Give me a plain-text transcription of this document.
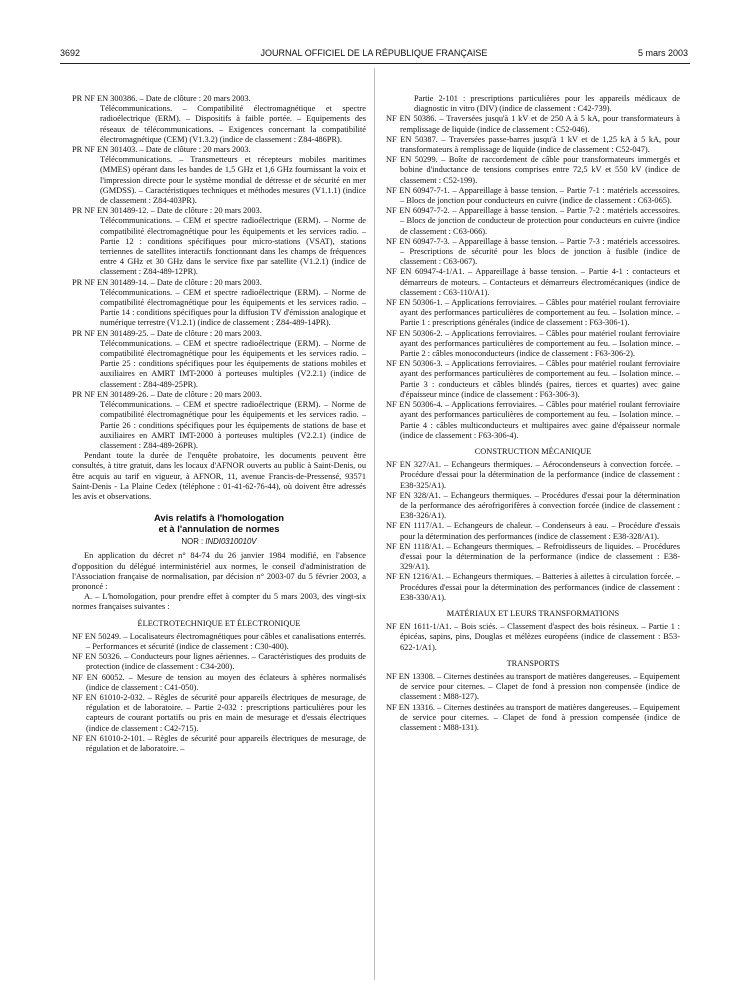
3692	JOURNAL OFFICIEL DE LA RÉPUBLIQUE FRANÇAISE	5 mars 2003
PR NF EN 300386. – Date de clôture : 20 mars 2003.
Télécommunications. – Compatibilité électromagnétique et spectre radioélectrique (ERM). – Dispositifs à faible portée. – Equipements des réseaux de télécommunications. – Exigences concernant la compatibilité électromagnétique (CEM) (V1.3.2) (indice de classement : Z84-486PR).
PR NF EN 301403. – Date de clôture : 20 mars 2003.
Télécommunications. – Transmetteurs et récepteurs mobiles maritimes (MMES) opérant dans les bandes de 1,5 GHz et 1,6 GHz fournissant la voix et l'impression directe pour le système mondial de détresse et de sécurité en mer (GMDSS). – Caractéristiques techniques et méthodes mesures (V1.1.1) (indice de classement : Z84-403PR).
PR NF EN 301489-12. – Date de clôture : 20 mars 2003.
Télécommunications. – CEM et spectre radioélectrique (ERM). – Norme de compatibilité électromagnétique pour les équipements et les services radio. – Partie 12 : conditions spécifiques pour micro-stations (VSAT), stations terriennes de satellites interactifs fonctionnant dans les champs de fréquences entre 4 GHz et 30 GHz dans le service fixe par satellite (V1.2.1) (indice de classement : Z84-489-12PR).
PR NF EN 301489-14. – Date de clôture : 20 mars 2003.
Télécommunications. – CEM et spectre radioélectrique (ERM). – Norme de compatibilité électromagnétique pour les équipements et les services radio. – Partie 14 : conditions spécifiques pour la diffusion TV d'émission analogique et numérique terrestre (V1.2.1) (indice de classement : Z84-489-14PR).
PR NF EN 301489-25. – Date de clôture : 20 mars 2003.
Télécommunications. – CEM et spectre radioélectrique (ERM). – Norme de compatibilité électromagnétique pour les équipements et les services radio. – Partie 25 : conditions spécifiques pour les équipements de stations mobiles et auxiliaires en AMRT IMT-2000 à porteuses multiples (V2.2.1) (indice de classement : Z84-489-25PR).
PR NF EN 301489-26. – Date de clôture : 20 mars 2003.
Télécommunications. – CEM et spectre radioélectrique (ERM). – Norme de compatibilité électromagnétique pour les équipements et les services radio. – Partie 26 : conditions spécifiques pour les équipements de stations de base et auxiliaires en AMRT IMT-2000 à porteuses multiples (V2.2.1) (indice de classement : Z84-489-26PR).
Pendant toute la durée de l'enquête probatoire, les documents peuvent être consultés, à titre gratuit, dans les locaux d'AFNOR ouverts au public à Saint-Denis, ou être acquis au tarif en vigueur, à AFNOR, 11, avenue Francis-de-Pressensé, 93571 Saint-Denis - La Plaine Cedex (téléphone : 01-41-62-76-44), où doivent être adressés les avis et observations.
Avis relatifs à l'homologation
et à l'annulation de normes
NOR : INDI0310010V
En application du décret n° 84-74 du 26 janvier 1984 modifié, en l'absence d'opposition du délégué interministériel aux normes, le conseil d'administration de l'Association française de normalisation, par décision n° 2003-07 du 5 février 2003, a prononcé :
A. – L'homologation, pour prendre effet à compter du 5 mars 2003, des vingt-six normes françaises suivantes :
ÉLECTROTECHNIQUE ET ÉLECTRONIQUE
NF EN 50249. – Localisateurs électromagnétiques pour câbles et canalisations enterrés. – Performances et sécurité (indice de classement : C30-400).
NF EN 50326. – Conducteurs pour lignes aériennes. – Caractéristiques des produits de protection (indice de classement : C34-200).
NF EN 60052. – Mesure de tension au moyen des éclateurs à sphères normalisés (indice de classement : C41-050).
NF EN 61010-2-032. – Règles de sécurité pour appareils électriques de mesurage, de régulation et de laboratoire. – Partie 2-032 : prescriptions particulières pour les capteurs de courant portatifs ou pris en main de mesurage et d'essais électriques (indice de classement : C42-715).
NF EN 61010-2-101. – Règles de sécurité pour appareils électriques de mesurage, de régulation et de laboratoire. –
Partie 2-101 : prescriptions particulières pour les appareils médicaux de diagnostic in vitro (DIV) (indice de classement : C42-739).
NF EN 50386. – Traversées jusqu'à 1 kV et de 250 A à 5 kA, pour transformateurs à remplissage de liquide (indice de classement : C52-046).
NF EN 50387. – Traversées passe-barres jusqu'à 1 kV et de 1,25 kA à 5 kA, pour transformateurs à remplissage de liquide (indice de classement : C52-047).
NF EN 50299. – Boîte de raccordement de câble pour transformateurs immergés et bobine d'inductance de tensions comprises entre 72,5 kV et 550 kV (indice de classement : C52-199).
NF EN 60947-7-1. – Appareillage à basse tension. – Partie 7-1 : matériels accessoires. – Blocs de jonction pour conducteurs en cuivre (indice de classement : C63-065).
NF EN 60947-7-2. – Appareillage à basse tension. – Partie 7-2 : matériels accessoires. – Blocs de jonction de conducteur de protection pour conducteurs en cuivre (indice de classement : C63-066).
NF EN 60947-7-3. – Appareillage à basse tension. – Partie 7-3 : matériels accessoires. – Prescriptions de sécurité pour les blocs de jonction à fusible (indice de classement : C63-067).
NF EN 60947-4-1/A1. – Appareillage à basse tension. – Partie 4-1 : contacteurs et démarreurs de moteurs. – Contacteurs et démarreurs électromécaniques (indice de classement : C63-110/A1).
NF EN 50306-1. – Applications ferroviaires. – Câbles pour matériel roulant ferroviaire ayant des performances particulières de comportement au feu. – Isolation mince. – Partie 1 : prescriptions générales (indice de classement : F63-306-1).
NF EN 50306-2. – Applications ferroviaires. – Câbles pour matériel roulant ferroviaire ayant des performances particulières de comportement au feu. – Isolation mince. – Partie 2 : câbles monoconducteurs (indice de classement : F63-306-2).
NF EN 50306-3. – Applications ferroviaires. – Câbles pour matériel roulant ferroviaire ayant des performances particulières de comportement au feu. – Isolation mince. – Partie 3 : conducteurs et câbles blindés (paires, tierces et quartes) avec gaine d'épaisseur mince (indice de classement : F63-306-3).
NF EN 50306-4. – Applications ferroviaires. – Câbles pour matériel roulant ferroviaire ayant des performances particulières de comportement au feu. – Isolation mince. – Partie 4 : câbles multiconducteurs et multipaires avec gaine d'épaisseur normale (indice de classement : F63-306-4).
CONSTRUCTION MÉCANIQUE
NF EN 327/A1. – Echangeurs thermiques. – Aérocondenseurs à convection forcée. – Procédure d'essai pour la détermination de la performance (indice de classement : E38-325/A1).
NF EN 328/A1. – Echangeurs thermiques. – Procédures d'essai pour la détermination de la performance des aérofrigorifères à convection forcée (indice de classement : E38-326/A1).
NF EN 1117/A1. – Echangeurs de chaleur. – Condenseurs à eau. – Procédure d'essais pour la détermination des performances (indice de classement : E38-328/A1).
NF EN 1118/A1. – Echangeurs thermiques. – Refroidisseurs de liquides. – Procédures d'essai pour la détermination de la performance (indice de classement : E38-329/A1).
NF EN 1216/A1. – Echangeurs thermiques. – Batteries à ailettes à circulation forcée. – Procédures d'essai pour la détermination des performances (indice de classement : E38-330/A1).
MATÉRIAUX ET LEURS TRANSFORMATIONS
NF EN 1611-1/A1. – Bois sciés. – Classement d'aspect des bois résineux. – Partie 1 : épicéas, sapins, pins, Douglas et mélèzes européens (indice de classement : B53-622-1/A1).
TRANSPORTS
NF EN 13308. – Citernes destinées au transport de matières dangereuses. – Equipement de service pour citernes. – Clapet de fond à pression non compensée (indice de classement : M88-127).
NF EN 13316. – Citernes destinées au transport de matières dangereuses. – Equipement de service pour citernes. – Clapet de fond à pression compensée (indice de classement : M88-131).
